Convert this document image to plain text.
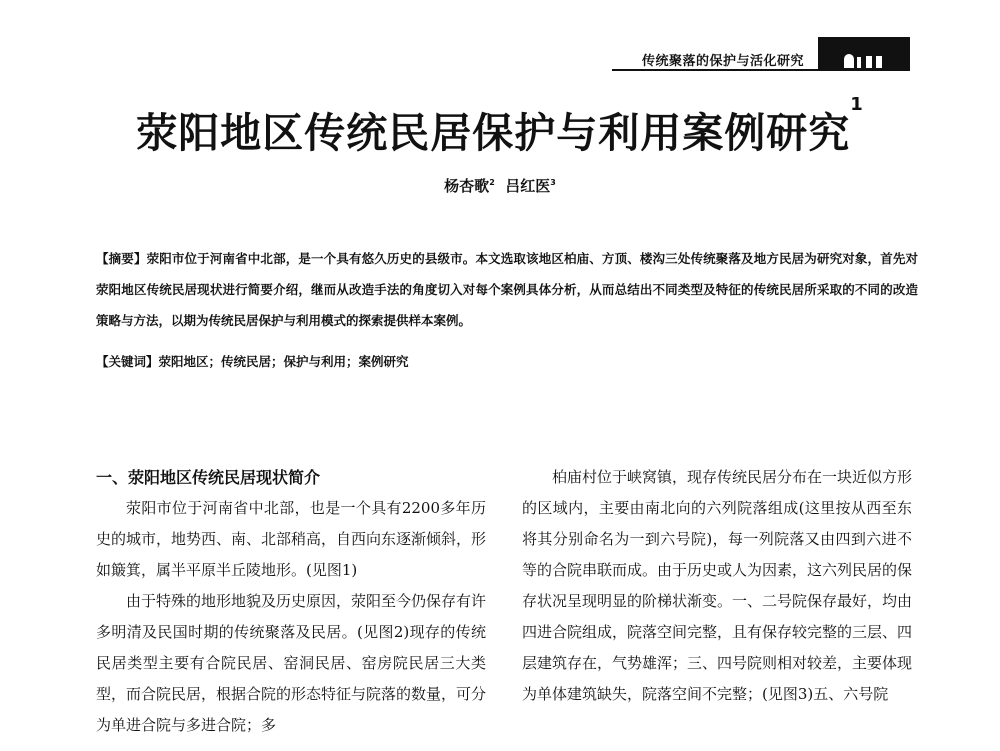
传统聚落的保护与活化研究
荥阳地区传统民居保护与利用案例研究$^1$
杨杏歌$^2$ 吕红医$^3$
【摘要】荥阳市位于河南省中北部，是一个具有悠久历史的县级市。本文选取该地区柏庙、方顶、楼沟三处传统聚落及地方民居为研究对象，首先对荥阳地区传统民居现状进行简要介绍，继而从改造手法的角度切入对每个案例具体分析，从而总结出不同类型及特征的传统民居所采取的不同的改造策略与方法，以期为传统民居保护与利用模式的探索提供样本案例。
【关键词】荥阳地区；传统民居；保护与利用；案例研究
一、荥阳地区传统民居现状简介

荥阳市位于河南省中北部，也是一个具有2200多年历史的城市，地势西、南、北部稍高，自西向东逐渐倾斜，形如簸箕，属半平原半丘陵地形。(见图1)

由于特殊的地形地貌及历史原因，荥阳至今仍保存有许多明清及民国时期的传统聚落及民居。(见图2)现存的传统民居类型主要有合院民居、窑洞民居、窑房院民居三大类型，而合院民居，根据合院的形态特征与院落的数量，可分为单进合院与多进合院；多

柏庙村位于峡窝镇，现存传统民居分布在一块近似方形的区域内，主要由南北向的六列院落组成(这里按从西至东将其分别命名为一到六号院)，每一列院落又由四到六进不等的合院串联而成。由于历史或人为因素，这六列民居的保存状况呈现明显的阶梯状渐变。一、二号院保存最好，均由四进合院组成，院落空间完整，且有保存较完整的三层、四层建筑存在，气势雄浑；三、四号院则相对较差，主要体现为单体建筑缺失，院落空间不完整；(见图3)五、六号院
